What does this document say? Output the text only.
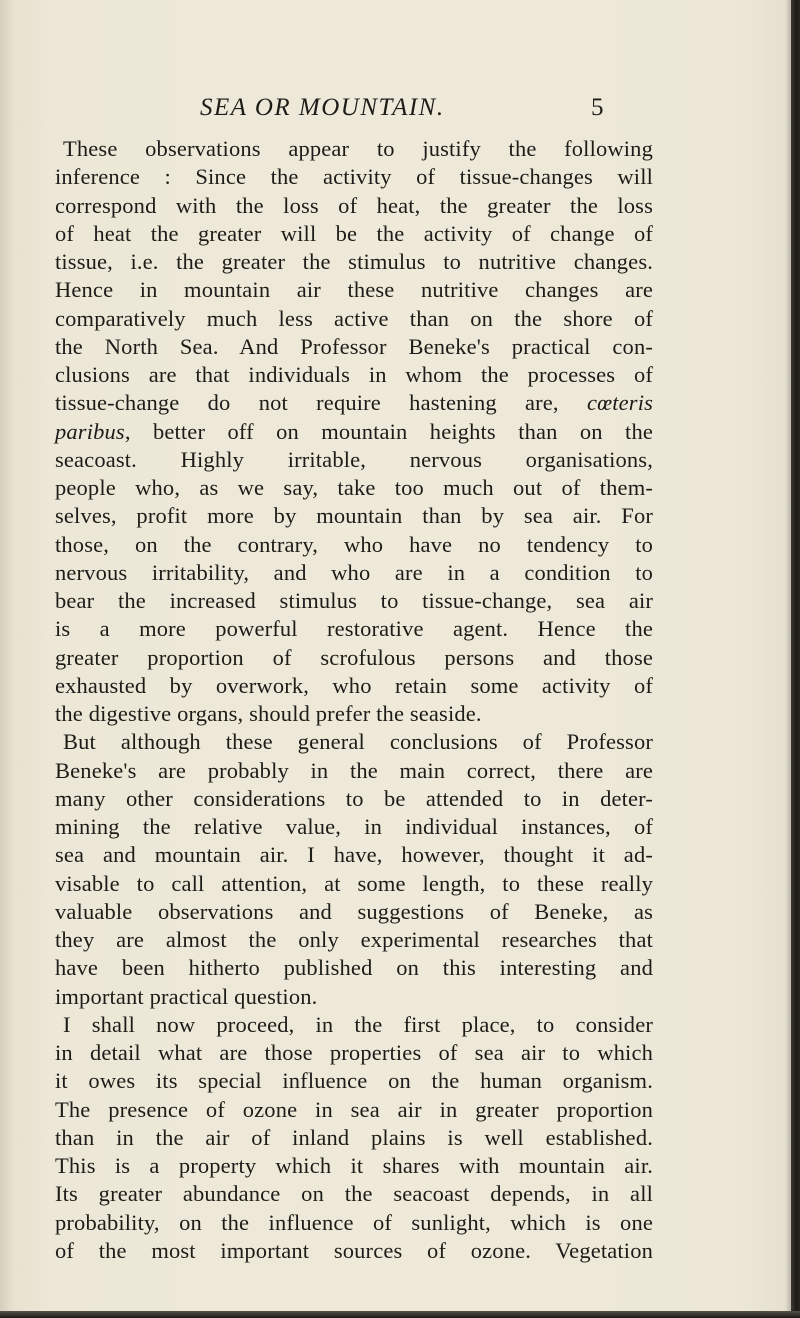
SEA OR MOUNTAIN.	5
These observations appear to justify the following
inference : Since the activity of tissue-changes will
correspond with the loss of heat, the greater the loss
of heat the greater will be the activity of change of
tissue, i.e. the greater the stimulus to nutritive changes.
Hence in mountain air these nutritive changes are
comparatively much less active than on the shore of
the North Sea. And Professor Beneke's practical con-
clusions are that individuals in whom the processes of
tissue-change do not require hastening are, cœteris
paribus, better off on mountain heights than on the
seacoast. Highly irritable, nervous organisations,
people who, as we say, take too much out of them-
selves, profit more by mountain than by sea air. For
those, on the contrary, who have no tendency to
nervous irritability, and who are in a condition to
bear the increased stimulus to tissue-change, sea air
is a more powerful restorative agent. Hence the
greater proportion of scrofulous persons and those
exhausted by overwork, who retain some activity of
the digestive organs, should prefer the seaside.
But although these general conclusions of Professor
Beneke's are probably in the main correct, there are
many other considerations to be attended to in deter-
mining the relative value, in individual instances, of
sea and mountain air. I have, however, thought it ad-
visable to call attention, at some length, to these really
valuable observations and suggestions of Beneke, as
they are almost the only experimental researches that
have been hitherto published on this interesting and
important practical question.
I shall now proceed, in the first place, to consider
in detail what are those properties of sea air to which
it owes its special influence on the human organism.
The presence of ozone in sea air in greater proportion
than in the air of inland plains is well established.
This is a property which it shares with mountain air.
Its greater abundance on the seacoast depends, in all
probability, on the influence of sunlight, which is one
of the most important sources of ozone. Vegetation
